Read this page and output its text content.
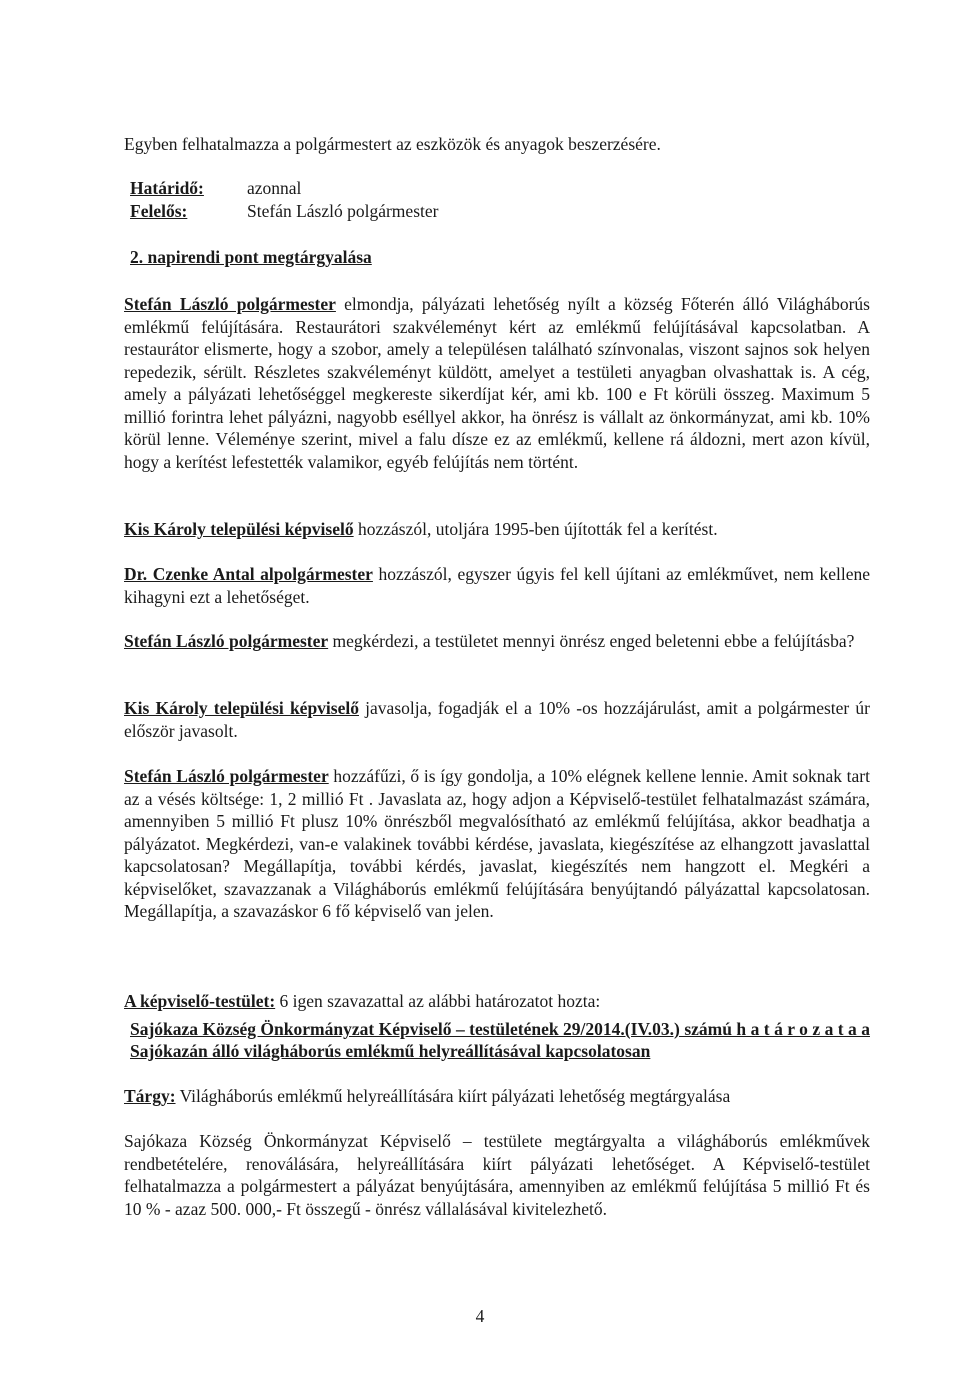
Egyben felhatalmazza a polgármestert az eszközök és anyagok beszerzésére.

Határidő: azonnal
Felelős:	Stefán László polgármester

2. napirendi pont megtárgyalása

Stefán László polgármester elmondja, pályázati lehetőség nyílt a község Főterén álló Világháborús emlékmű felújítására. Restaurátori szakvéleményt kért az emlékmű felújításával kapcsolatban. A restaurátor elismerte, hogy a szobor, amely a településen található színvonalas, viszont sajnos sok helyen repedezik, sérült. Részletes szakvéleményt küldött, amelyet a testületi anyagban olvashattak is. A cég, amely a pályázati lehetőséggel megkereste sikerdíjat kér, ami kb. 100 e Ft körüli összeg. Maximum 5 millió forintra lehet pályázni, nagyobb eséllyel akkor, ha önrész is vállalt az önkormányzat, ami kb. 10% körül lenne. Véleménye szerint, mivel a falu dísze ez az emlékmű, kellene rá áldozni, mert azon kívül, hogy a kerítést lefestették valamikor, egyéb felújítás nem történt.

Kis Károly települési képviselő hozzászól, utoljára 1995-ben újították fel a kerítést.

Dr. Czenke Antal alpolgármester hozzászól, egyszer úgyis fel kell újítani az emlékművet, nem kellene kihagyni ezt a lehetőséget.

Stefán László polgármester megkérdezi, a testületet mennyi önrész enged beletenni ebbe a felújításba?

Kis Károly települési képviselő javasolja, fogadják el a 10% -os hozzájárulást, amit a polgármester úr először javasolt.

Stefán László polgármester hozzáfűzi, ő is így gondolja, a 10% elégnek kellene lennie. Amit soknak tart az a vésés költsége: 1, 2 millió Ft . Javaslata az, hogy adjon a Képviselő-testület felhatalmazást számára, amennyiben 5 millió Ft plusz 10% önrészből megvalósítható az emlékmű felújítása, akkor beadhatja a pályázatot. Megkérdezi, van-e valakinek további kérdése, javaslata, kiegészítése az elhangzott javaslattal kapcsolatosan? Megállapítja, további kérdés, javaslat, kiegészítés nem hangzott el. Megkéri a képviselőket, szavazzanak a Világháborús emlékmű felújítására benyújtandó pályázattal kapcsolatosan. Megállapítja, a szavazáskor 6 fő képviselő van jelen.

A képviselő-testület: 6 igen szavazattal az alábbi határozatot hozta:

Sajókaza Község Önkormányzat Képviselő – testületének 29/2014.(IV.03.) számú h a t á r o z a t a a Sajókazán álló világháborús emlékmű helyreállításával kapcsolatosan

Tárgy: Világháborús emlékmű helyreállítására kiírt pályázati lehetőség megtárgyalása

Sajókaza Község Önkormányzat Képviselő – testülete megtárgyalta a világháborús emlékművek rendbetételére, renoválására, helyreállítására kiírt pályázati lehetőséget. A Képviselő-testület felhatalmazza a polgármestert a pályázat benyújtására, amennyiben az emlékmű felújítása 5 millió Ft és 10 % - azaz 500. 000,- Ft összegű - önrész vállalásával kivitelezhető.

4
